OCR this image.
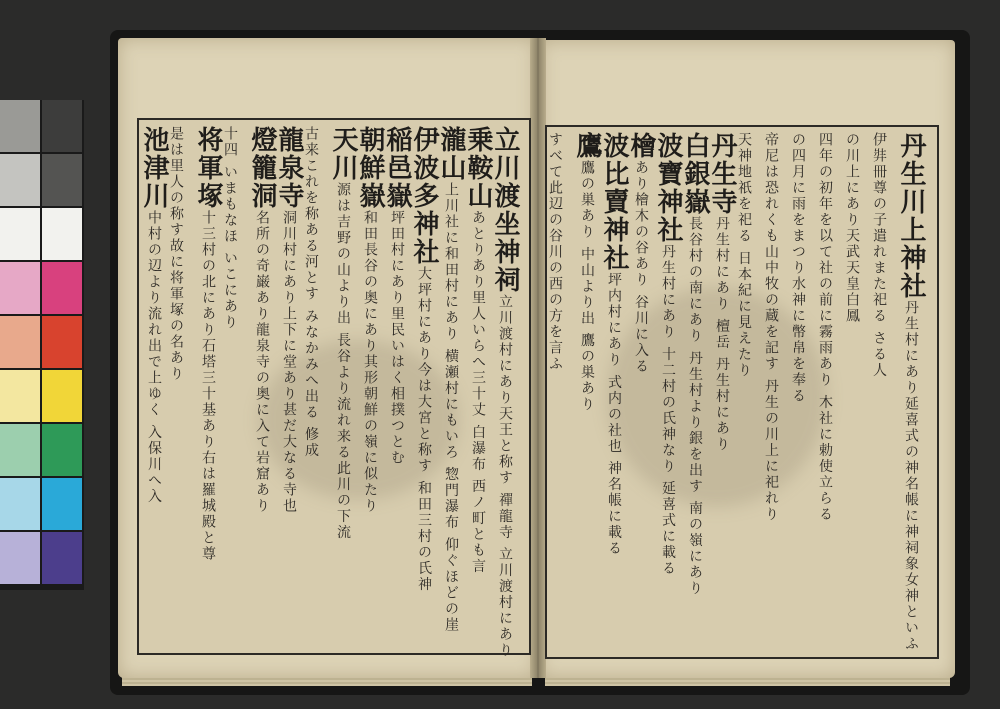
立川渡坐神祠立川渡村にあり天王と称す 禪龍寺 立川渡村にあり
乗鞍山あとりあり里人いらへ三十丈 白瀑布 西ノ町とも言
瀧山上川社に和田村にあり 横瀬村にもいろ 惣門瀑布 仰ぐほどの崖
伊波多神社大坪村にあり今は大宮と称す 和田三村の氏神
稲邑嶽坪田村にあり里民いはく相撲つとむ
朝鮮嶽和田長谷の奥にあり其形朝鮮の嶺に似たり
天川源は吉野の山より出 長谷より流れ来る此川の下流
古来これを称ある河とす みなかみへ出る 修成
龍泉寺洞川村にあり上下に堂あり甚だ大なる寺也
燈籠洞名所の奇巌あり龍泉寺の奥に入て岩窟あり
十四 いまもなほ いこにあり
将軍塚十三村の北にあり石塔三十基あり右は羅城殿と尊
是は里人の称す故に将軍塚の名あり
池津川中村の辺より流れ出で上ゆく 入保川へ入	丹生川上神社丹生村にあり延喜式の神名帳に神祠象女神といふ
伊弉冊尊の子遣れまた祀る さる人
の川上にあり天武天皇白鳳
四年の初年を以て社の前に霧雨あり 木社に勅使立らる
の四月に雨をまつり水神に幣帛を奉る
帝尼は恐れくも山中牧の蔵を記す 丹生の川上に祀れり
天神地祇を祀る 日本紀に見えたり
丹生寺丹生村にあり 檀岳 丹生村にあり
白銀嶽長谷村の南にあり 丹生村より銀を出す 南の嶺にあり
波寶神社丹生村にあり 十二村の氏神なり 延喜式に載る
檜あり檜木の谷あり 谷川に入る
波比賣神社坪内村にあり 式内の社也 神名帳に載る
鷹鷹の巣あり 中山より出 鷹の巣あり
すべて此辺の谷川の西の方を言ふ
